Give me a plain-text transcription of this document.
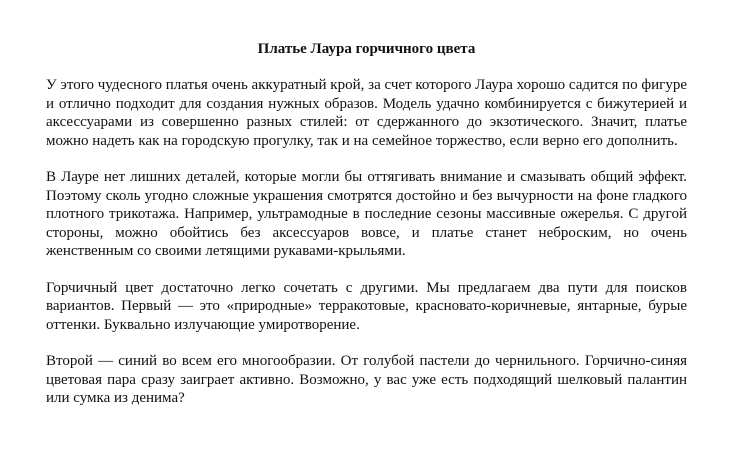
Платье Лаура горчичного цвета

У этого чудесного платья очень аккуратный крой, за счет которого Лаура хорошо садится по фигуре и отлично подходит для создания нужных образов. Модель удачно комбинируется с бижутерией и аксессуарами из совершенно разных стилей: от сдержанного до экзотического. Значит, платье можно надеть как на городскую прогулку, так и на семейное торжество, если верно его дополнить.

В Лауре нет лишних деталей, которые могли бы оттягивать внимание и смазывать общий эффект. Поэтому сколь угодно сложные украшения смотрятся достойно и без вычурности на фоне гладкого плотного трикотажа. Например, ультрамодные в последние сезоны массивные ожерелья. С другой стороны, можно обойтись без аксессуаров вовсе, и платье станет неброским, но очень женственным со своими летящими рукавами-крыльями.

Горчичный цвет достаточно легко сочетать с другими. Мы предлагаем два пути для поисков вариантов. Первый — это «природные» терракотовые, красновато-коричневые, янтарные, бурые оттенки. Буквально излучающие умиротворение.

Второй — синий во всем его многообразии. От голубой пастели до чернильного. Горчично-синяя цветовая пара сразу заиграет активно. Возможно, у вас уже есть подходящий шелковый палантин или сумка из денима?
